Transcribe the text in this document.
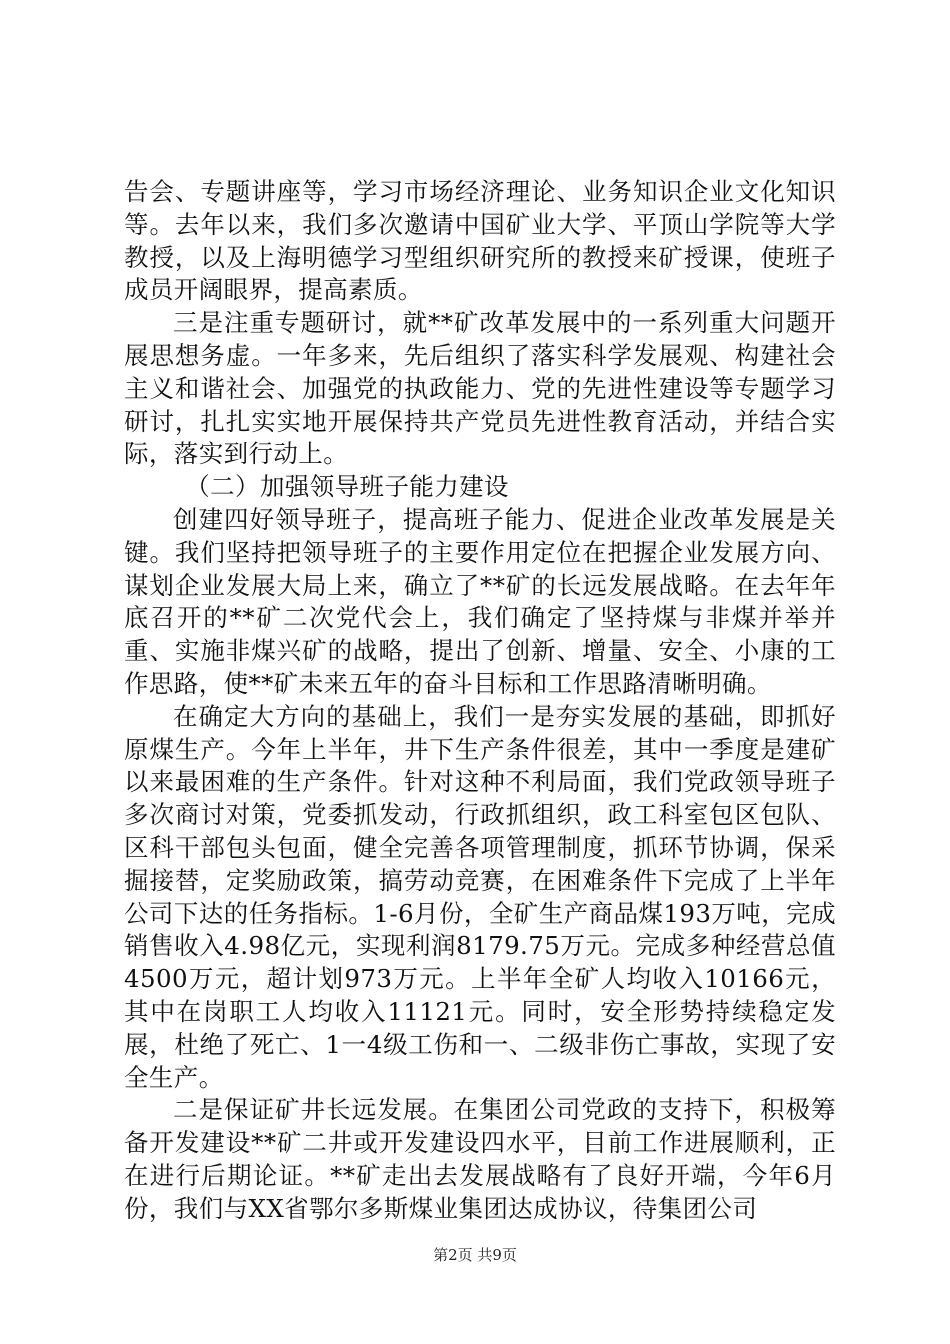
告会、专题讲座等，学习市场经济理论、业务知识企业文化知识等。去年以来，我们多次邀请中国矿业大学、平顶山学院等大学教授，以及上海明德学习型组织研究所的教授来矿授课，使班子成员开阔眼界，提高素质。

三是注重专题研讨，就**矿改革发展中的一系列重大问题开展思想务虚。一年多来，先后组织了落实科学发展观、构建社会主义和谐社会、加强党的执政能力、党的先进性建设等专题学习研讨，扎扎实实地开展保持共产党员先进性教育活动，并结合实际，落实到行动上。

（二）加强领导班子能力建设

创建四好领导班子，提高班子能力、促进企业改革发展是关键。我们坚持把领导班子的主要作用定位在把握企业发展方向、谋划企业发展大局上来，确立了**矿的长远发展战略。在去年年底召开的**矿二次党代会上，我们确定了坚持煤与非煤并举并重、实施非煤兴矿的战略，提出了创新、增量、安全、小康的工作思路，使**矿未来五年的奋斗目标和工作思路清晰明确。

在确定大方向的基础上，我们一是夯实发展的基础，即抓好原煤生产。今年上半年，井下生产条件很差，其中一季度是建矿以来最困难的生产条件。针对这种不利局面，我们党政领导班子多次商讨对策，党委抓发动，行政抓组织，政工科室包区包队、区科干部包头包面，健全完善各项管理制度，抓环节协调，保采掘接替，定奖励政策，搞劳动竞赛，在困难条件下完成了上半年公司下达的任务指标。1-6月份，全矿生产商品煤193万吨，完成销售收入4.98亿元，实现利润8179.75万元。完成多种经营总值4500万元，超计划973万元。上半年全矿人均收入10166元，其中在岗职工人均收入11121元。同时，安全形势持续稳定发展，杜绝了死亡、1一4级工伤和一、二级非伤亡事故，实现了安全生产。

二是保证矿井长远发展。在集团公司党政的支持下，积极筹备开发建设**矿二井或开发建设四水平，目前工作进展顺利，正在进行后期论证。**矿走出去发展战略有了良好开端，今年6月份，我们与XX省鄂尔多斯煤业集团达成协议，待集团公司

第2页 共9页
